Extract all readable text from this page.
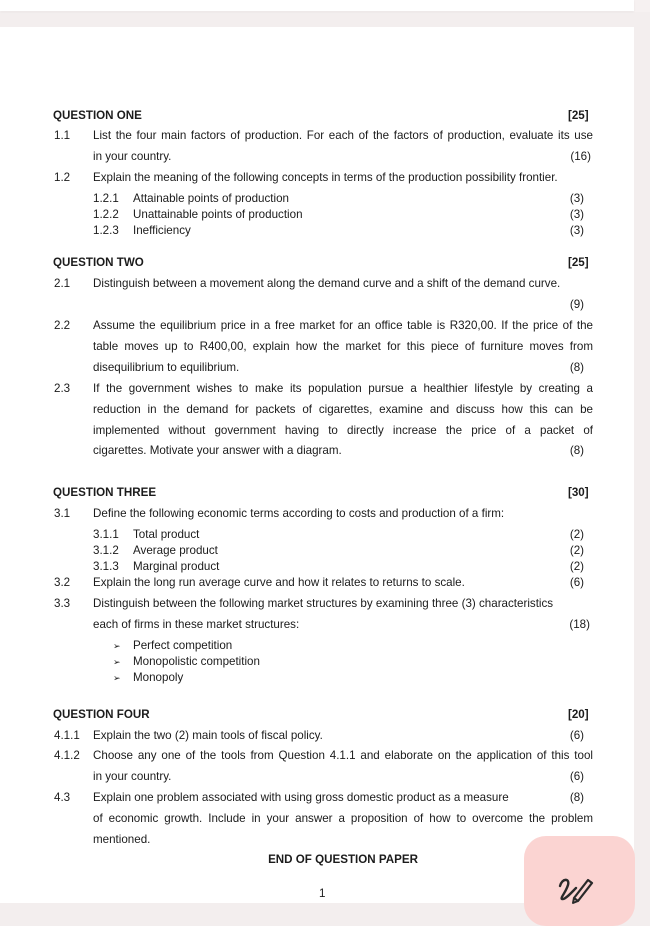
QUESTION ONE	[25]
1.1 List the four main factors of production. For each of the factors of production, evaluate its use
in your country.	(16)
1.2 Explain the meaning of the following concepts in terms of the production possibility frontier.
1.2.1 Attainable points of production	(3)
1.2.2 Unattainable points of production	(3)
1.2.3 Inefficiency	(3)
QUESTION TWO	[25]
2.1 Distinguish between a movement along the demand curve and a shift of the demand curve.
(9)
2.2 Assume the equilibrium price in a free market for an office table is R320,00. If the price of the
table moves up to R400,00, explain how the market for this piece of furniture moves from
disequilibrium to equilibrium.	(8)
2.3 If the government wishes to make its population pursue a healthier lifestyle by creating a
reduction in the demand for packets of cigarettes, examine and discuss how this can be
implemented without government having to directly increase the price of a packet of
cigarettes. Motivate your answer with a diagram.	(8)
QUESTION THREE	[30]
3.1 Define the following economic terms according to costs and production of a firm:
3.1.1 Total product	(2)
3.1.2 Average product	(2)
3.1.3 Marginal product	(2)
3.2 Explain the long run average curve and how it relates to returns to scale.	(6)
3.3 Distinguish between the following market structures by examining three (3) characteristics
each of firms in these market structures:	(18)
➢ Perfect competition
➢ Monopolistic competition
➢ Monopoly
QUESTION FOUR	[20]
4.1.1 Explain the two (2) main tools of fiscal policy.	(6)
4.1.2 Choose any one of the tools from Question 4.1.1 and elaborate on the application of this tool
in your country.	(6)
4.3 Explain one problem associated with using gross domestic product as a measure	(8)
of economic growth. Include in your answer a proposition of how to overcome the problem
mentioned.
END OF QUESTION PAPER
1
